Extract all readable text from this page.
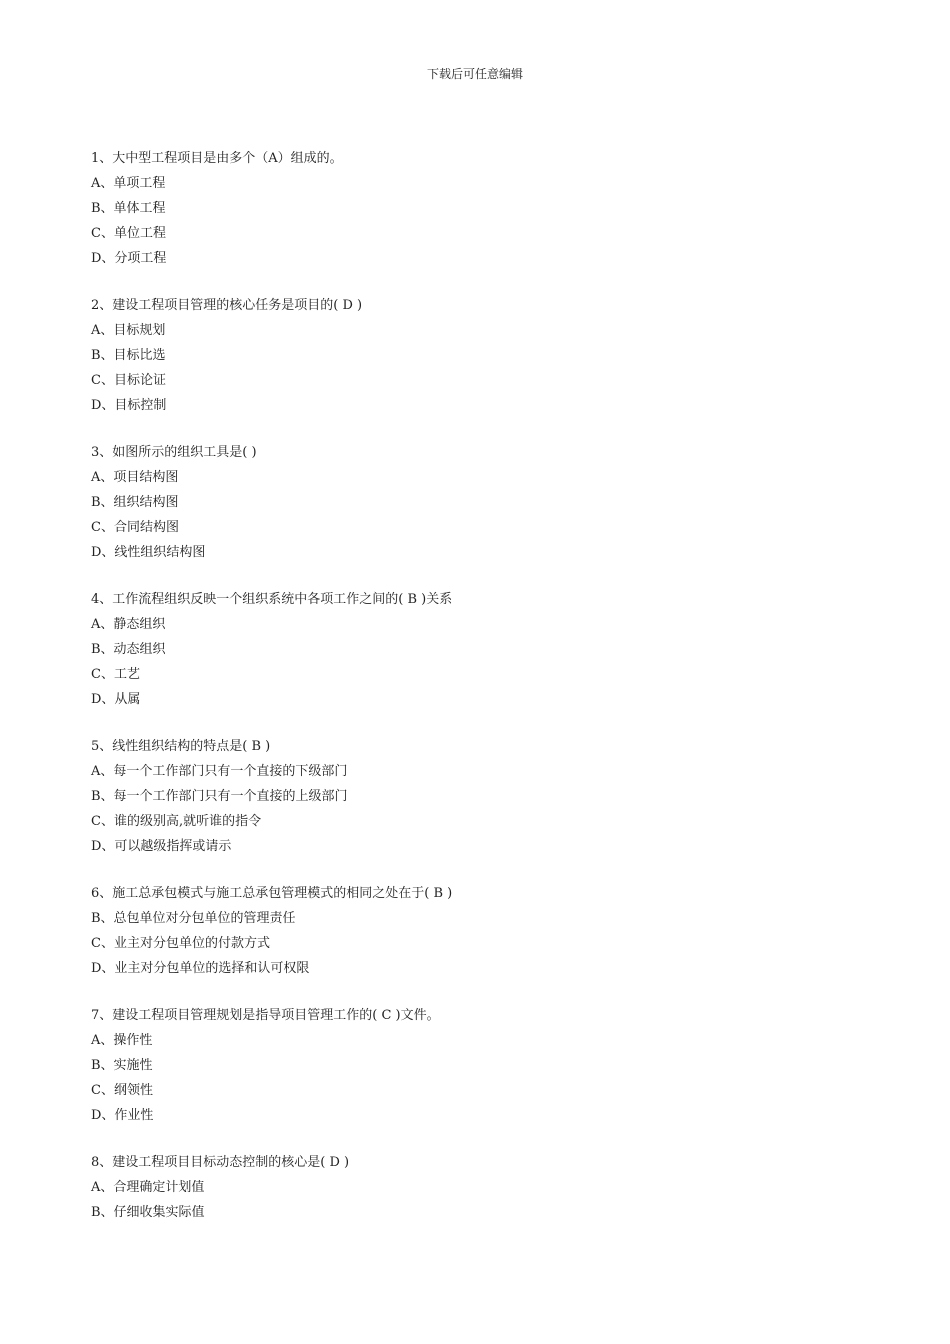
下载后可任意编辑
1、大中型工程项目是由多个（A）组成的。
A、单项工程
B、单体工程
C、单位工程
D、分项工程
2、建设工程项目管理的核心任务是项目的( D )
A、目标规划
B、目标比选
C、目标论证
D、目标控制
3、如图所示的组织工具是( )
A、项目结构图
B、组织结构图
C、合同结构图
D、线性组织结构图
4、工作流程组织反映一个组织系统中各项工作之间的( B )关系
A、静态组织
B、动态组织
C、工艺
D、从属
5、线性组织结构的特点是( B )
A、每一个工作部门只有一个直接的下级部门
B、每一个工作部门只有一个直接的上级部门
C、谁的级别高,就听谁的指令
D、可以越级指挥或请示
6、施工总承包模式与施工总承包管理模式的相同之处在于( B )
B、总包单位对分包单位的管理责任
C、业主对分包单位的付款方式
D、业主对分包单位的选择和认可权限
7、建设工程项目管理规划是指导项目管理工作的( C )文件。
A、操作性
B、实施性
C、纲领性
D、作业性
8、建设工程项目目标动态控制的核心是( D )
A、合理确定计划值
B、仔细收集实际值
